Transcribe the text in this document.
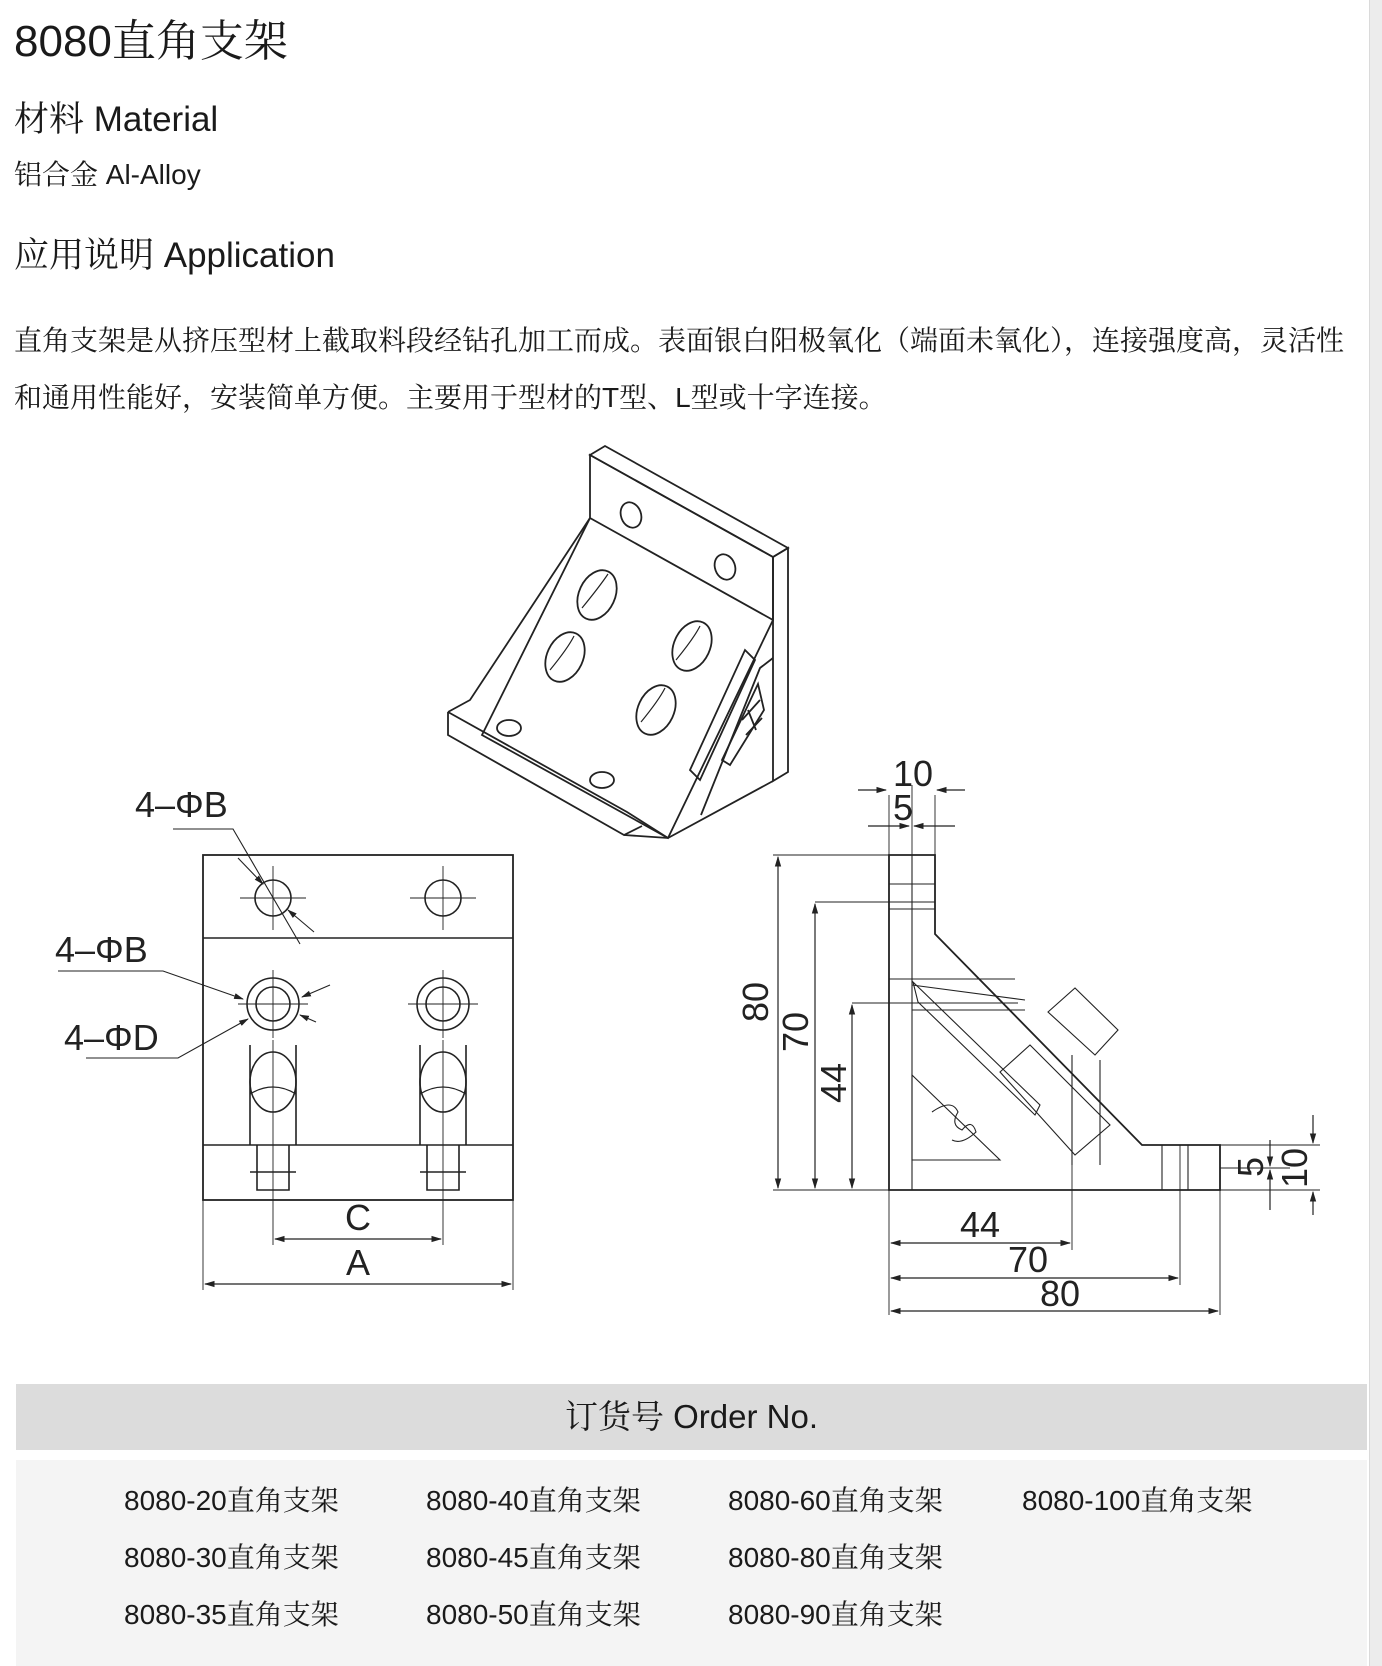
8080直角支架
材料 Material

铝合金 Al-Alloy

应用说明 Application

直角支架是从挤压型材上截取料段经钻孔加工而成。表面银白阳极氧化（端面未氧化），连接强度高，灵活性和通用性能好，安装简单方便。主要用于型材的T型、L型或十字连接。

4–ΦB
4–ΦB
4–ΦD
C
A
10
5
44
70
80
80
70
44
5 10
订货号 Order No.
8080-20直角支架
8080-30直角支架
8080-35直角支架
8080-40直角支架
8080-45直角支架
8080-50直角支架
8080-60直角支架
8080-80直角支架
8080-90直角支架
8080-100直角支架
